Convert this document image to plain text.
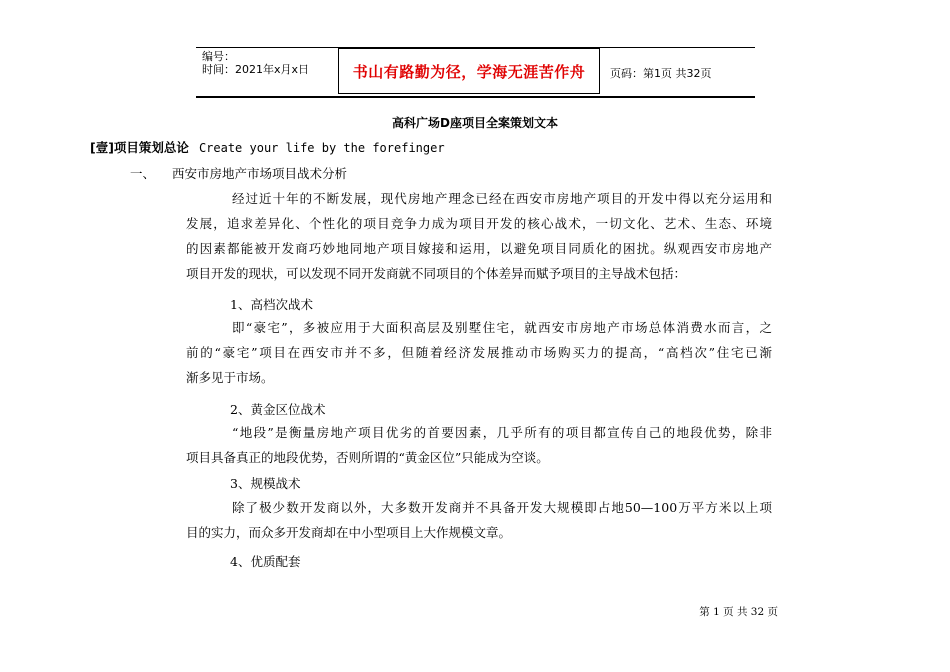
编号：
时间：2021年x月x日	书山有路勤为径，学海无涯苦作舟 页码：第1页 共32页
高科广场D座项目全案策划文本
[壹]项目策划总论 Create your life by the forefinger
一、 西安市房地产市场项目战术分析
经过近十年的不断发展，现代房地产理念已经在西安市房地产项目的开发中得以充分运用和
发展，追求差异化、个性化的项目竞争力成为项目开发的核心战术，一切文化、艺术、生态、环境
的因素都能被开发商巧妙地同地产项目嫁接和运用，以避免项目同质化的困扰。纵观西安市房地产
项目开发的现状，可以发现不同开发商就不同项目的个体差异而赋予项目的主导战术包括：
1、高档次战术
即“豪宅”，多被应用于大面积高层及别墅住宅，就西安市房地产市场总体消费水而言，之
前的“豪宅”项目在西安市并不多，但随着经济发展推动市场购买力的提高，“高档次”住宅已渐
渐多见于市场。
2、黄金区位战术
“地段”是衡量房地产项目优劣的首要因素，几乎所有的项目都宣传自己的地段优势，除非
项目具备真正的地段优势，否则所谓的“黄金区位”只能成为空谈。
3、规模战术
除了极少数开发商以外，大多数开发商并不具备开发大规模即占地50—100万平方米以上项
目的实力，而众多开发商却在中小型项目上大作规模文章。
4、优质配套
第 1 页 共 32 页
